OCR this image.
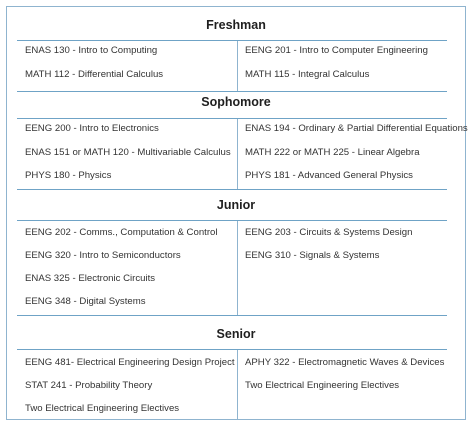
Freshman
ENAS 130 - Intro to Computing
MATH 112 - Differential Calculus
EENG 201 - Intro to Computer Engineering
MATH 115 - Integral Calculus
Sophomore
EENG 200 - Intro to Electronics
ENAS 151 or MATH 120 - Multivariable Calculus
PHYS 180 - Physics
ENAS 194 - Ordinary & Partial Differential Equations
MATH 222 or MATH 225 - Linear Algebra
PHYS 181 - Advanced General Physics
Junior
EENG 202 - Comms., Computation & Control
EENG 320 - Intro to Semiconductors
ENAS 325 - Electronic Circuits
EENG 348 - Digital Systems
EENG 203 - Circuits & Systems Design
EENG 310 - Signals & Systems
Senior
EENG 481- Electrical Engineering Design Project
STAT 241 - Probability Theory
Two Electrical Engineering Electives
APHY 322 - Electromagnetic Waves & Devices
Two Electrical Engineering Electives
